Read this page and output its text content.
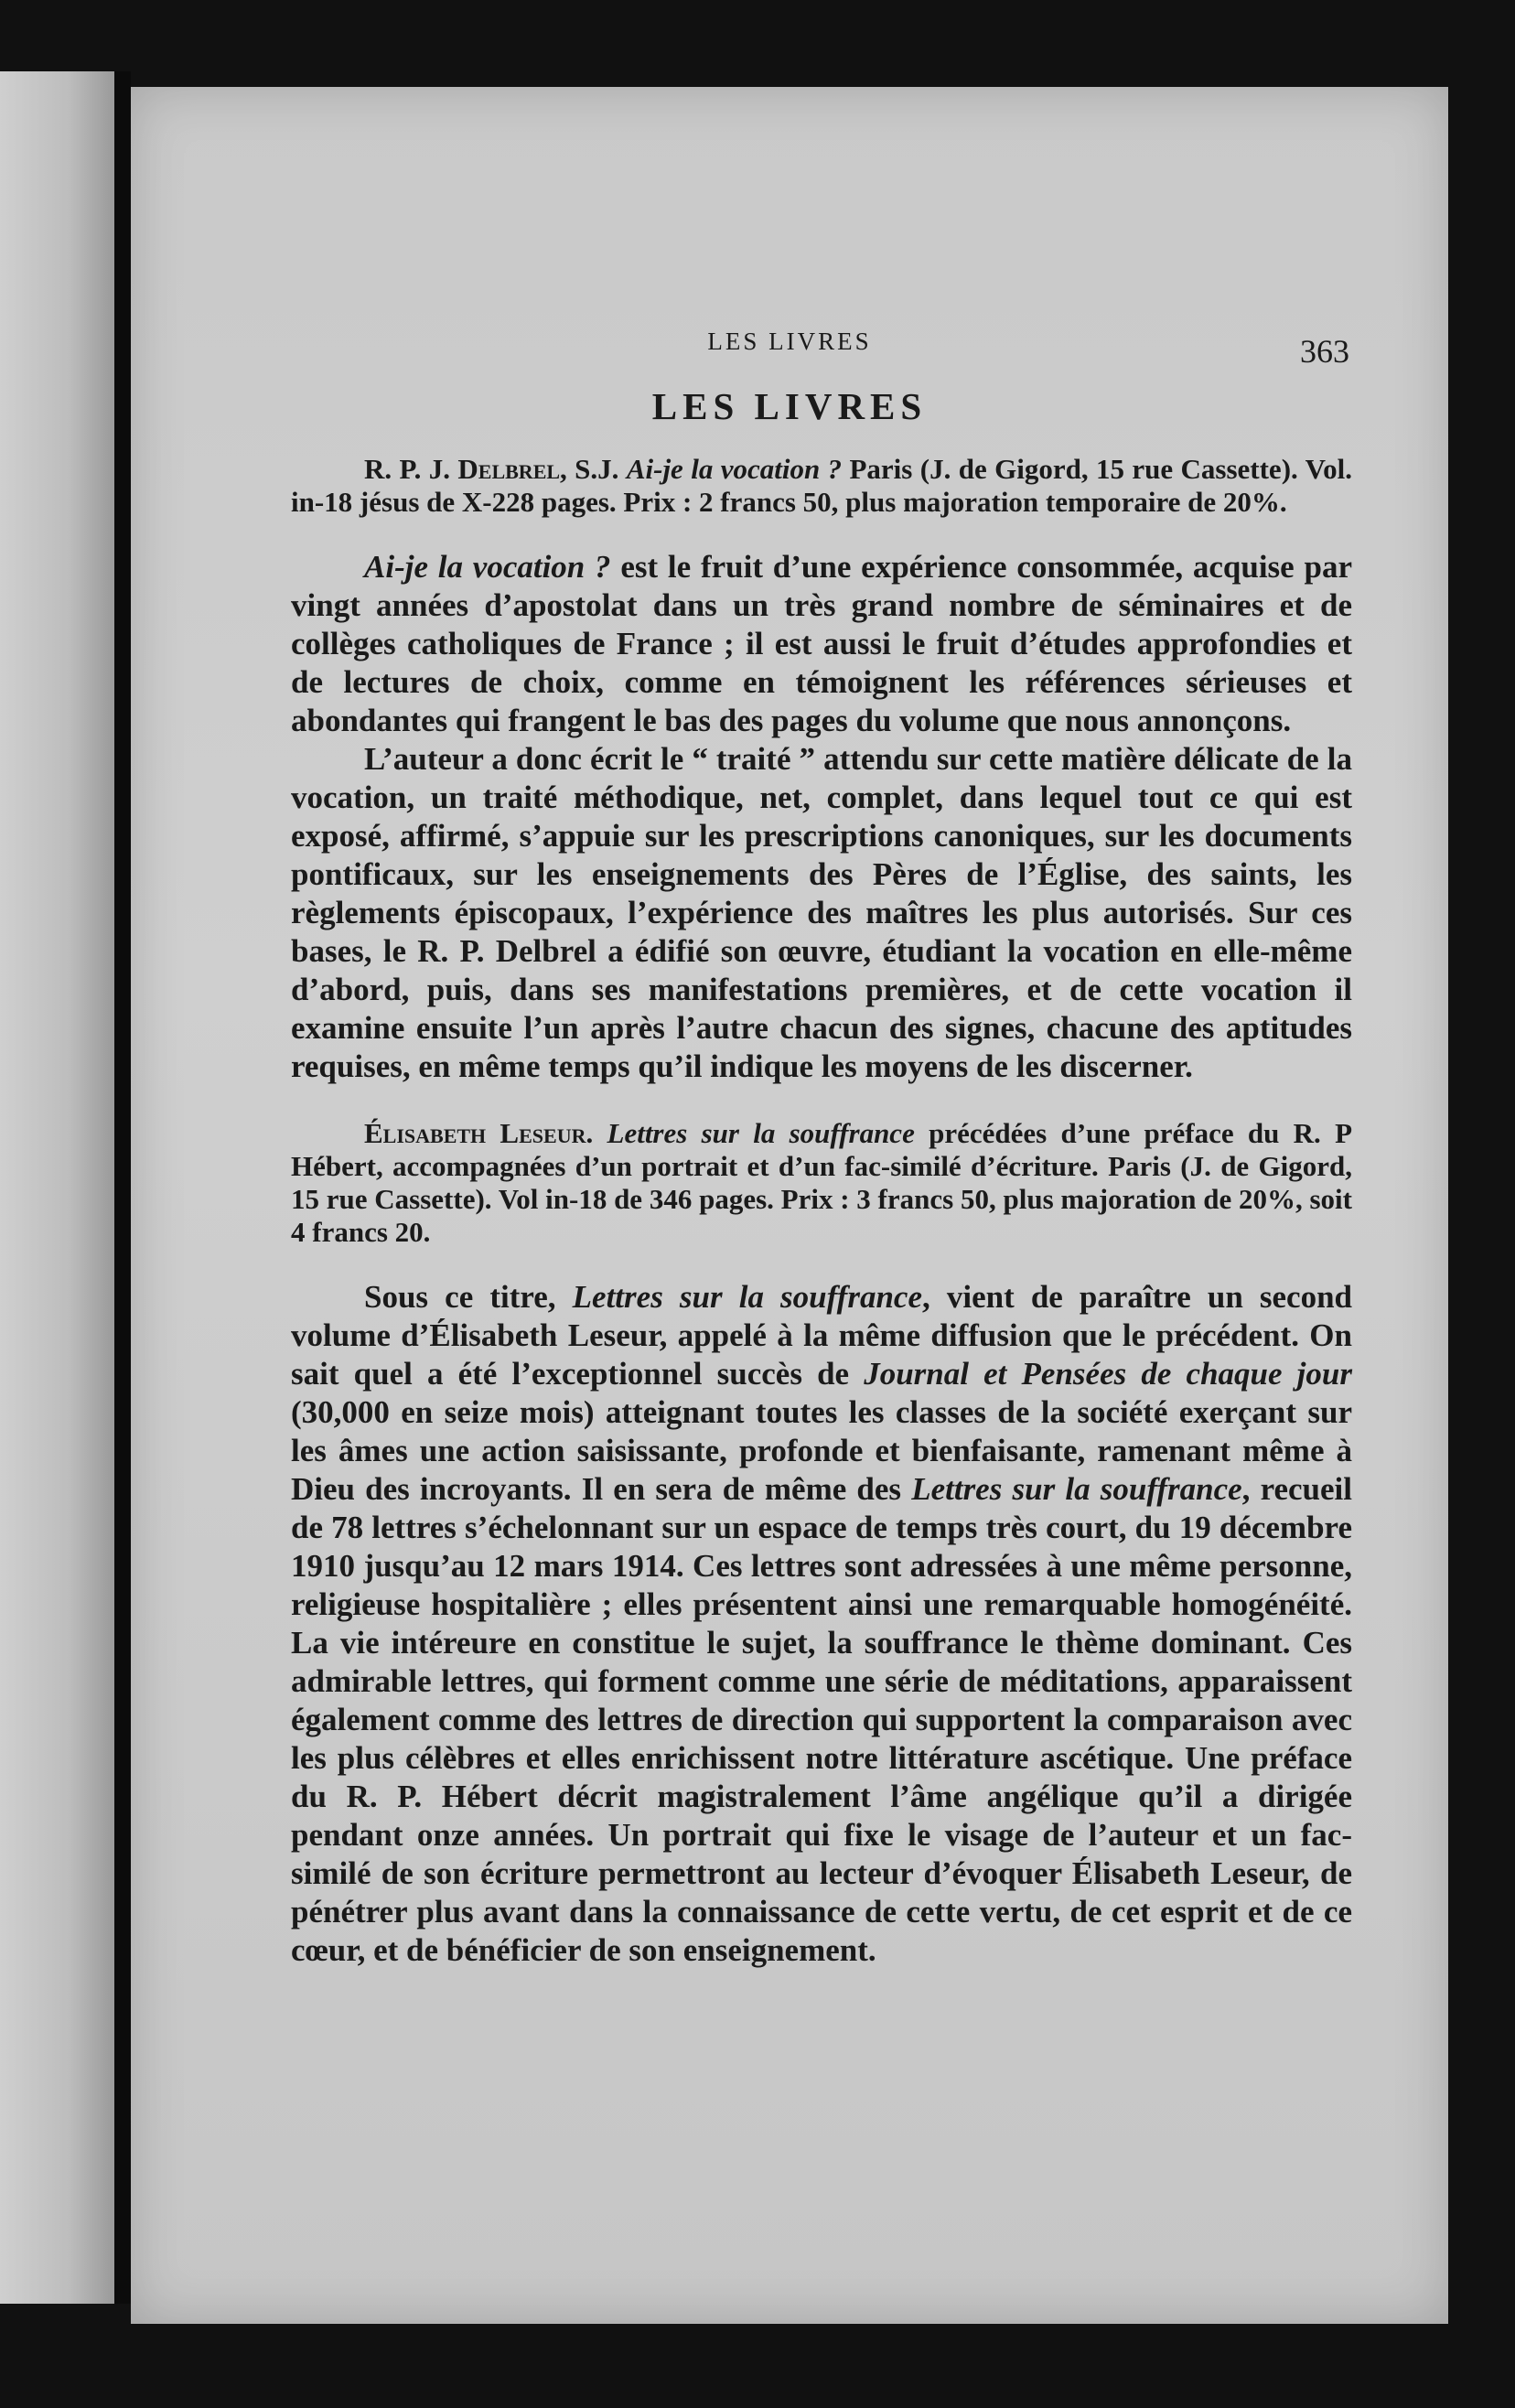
LES LIVRES	363
LES LIVRES

R. P. J. Delbrel, S.J. Ai-je la vocation ? Paris (J. de Gigord, 15 rue Cassette). Vol. in-18 jésus de X-228 pages. Prix : 2 francs 50, plus majoration temporaire de 20%.

Ai-je la vocation ? est le fruit d’une expérience consommée, acquise par vingt années d’apostolat dans un très grand nombre de séminaires et de collèges catholiques de France ; il est aussi le fruit d’études approfondies et de lectures de choix, comme en témoignent les références sérieuses et abondantes qui frangent le bas des pages du volume que nous annonçons.

L’auteur a donc écrit le “ traité ” attendu sur cette matière délicate de la vocation, un traité méthodique, net, complet, dans lequel tout ce qui est exposé, affirmé, s’appuie sur les prescriptions canoniques, sur les documents pontificaux, sur les enseignements des Pères de l’Église, des saints, les règlements épiscopaux, l’expérience des maîtres les plus autorisés. Sur ces bases, le R. P. Delbrel a édifié son œuvre, étudiant la vocation en elle-même d’abord, puis, dans ses manifestations premières, et de cette vocation il examine ensuite l’un après l’autre chacun des signes, chacune des aptitudes requises, en même temps qu’il indique les moyens de les discerner.

Élisabeth Leseur. Lettres sur la souffrance précédées d’une préface du R. P Hébert, accompagnées d’un portrait et d’un fac-similé d’écriture. Paris (J. de Gigord, 15 rue Cassette). Vol in-18 de 346 pages. Prix : 3 francs 50, plus majoration de 20%, soit 4 francs 20.

Sous ce titre, Lettres sur la souffrance, vient de paraître un second volume d’Élisabeth Leseur, appelé à la même diffusion que le précédent. On sait quel a été l’exceptionnel succès de Journal et Pensées de chaque jour (30,000 en seize mois) atteignant toutes les classes de la société exerçant sur les âmes une action saisissante, profonde et bienfaisante, ramenant même à Dieu des incroyants. Il en sera de même des Lettres sur la souffrance, recueil de 78 lettres s’échelonnant sur un espace de temps très court, du 19 décembre 1910 jusqu’au 12 mars 1914. Ces lettres sont adressées à une même personne, religieuse hospitalière ; elles présentent ainsi une remarquable homogénéité. La vie intéreure en constitue le sujet, la souffrance le thème dominant. Ces admirable lettres, qui forment comme une série de méditations, apparaissent également comme des lettres de direction qui supportent la comparaison avec les plus célèbres et elles enrichissent notre littérature ascétique. Une préface du R. P. Hébert décrit magistralement l’âme angélique qu’il a dirigée pendant onze années. Un portrait qui fixe le visage de l’auteur et un fac-similé de son écriture permettront au lecteur d’évoquer Élisabeth Leseur, de pénétrer plus avant dans la connaissance de cette vertu, de cet esprit et de ce cœur, et de bénéficier de son enseignement.
